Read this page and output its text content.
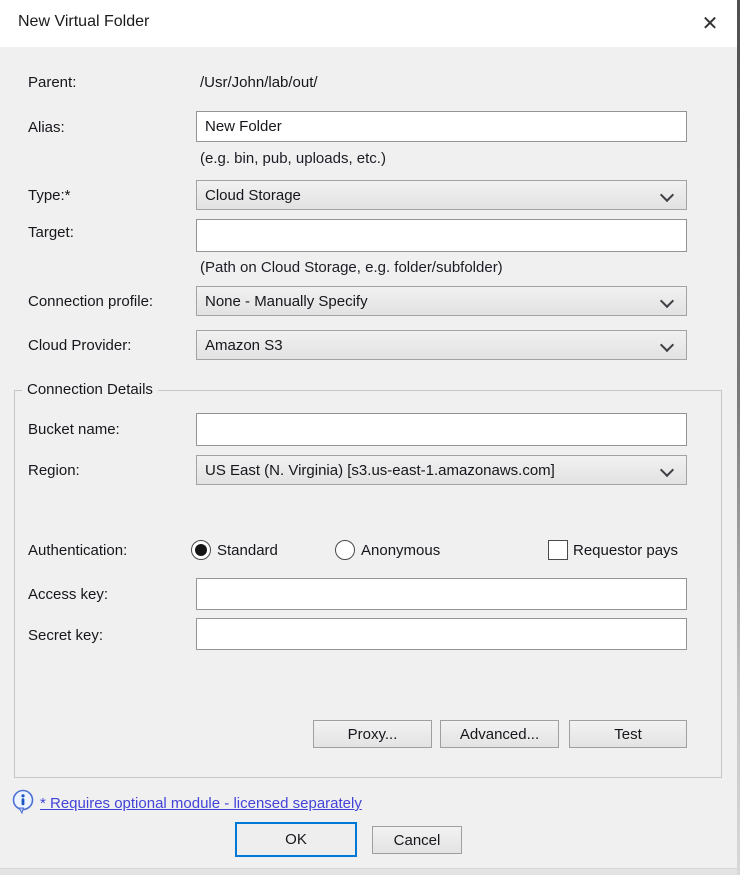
New Virtual Folder	✕
Parent:	/Usr/John/lab/out/
Alias:
New Folder
(e.g. bin, pub, uploads, etc.)
Type:*	Cloud Storage
Target:
(Path on Cloud Storage, e.g. folder/subfolder)
Connection profile:	None - Manually Specify
Cloud Provider:	Amazon S3
Connection Details
Bucket name:
Region:	US East (N. Virginia) [s3.us-east-1.amazonaws.com]
Authentication:	Standard	Anonymous	Requestor pays
Access key:
Secret key:
Proxy...	Advanced...	Test
* Requires optional module - licensed separately
OK	Cancel
